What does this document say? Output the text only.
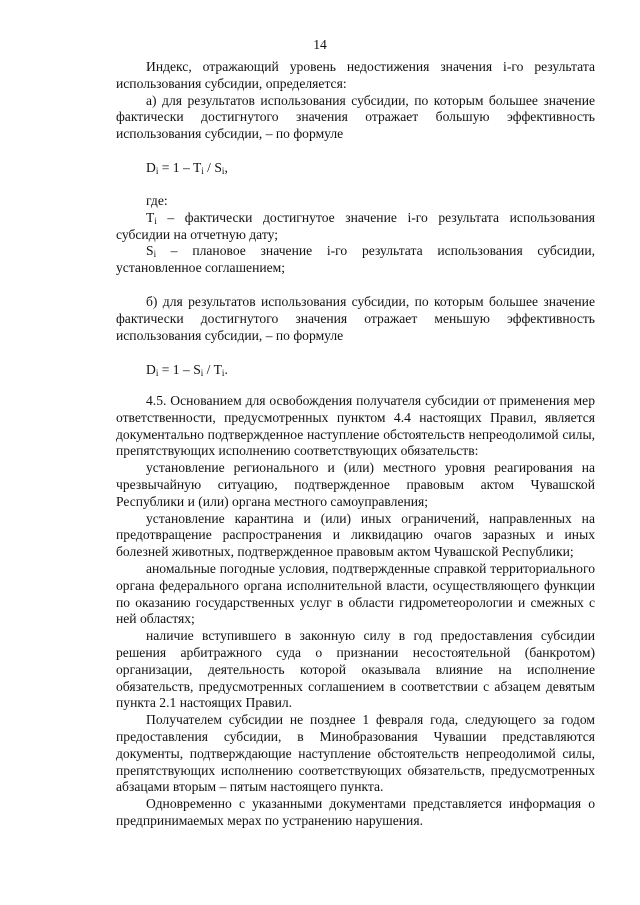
14

Индекс, отражающий уровень недостижения значения i-го результата использования субсидии, определяется:

а) для результатов использования субсидии, по которым большее значение фактически достигнутого значения отражает большую эффективность использования субсидии, – по формуле

$D_i = 1 - T_i / S_i$,

где:

$T_i$ – фактически достигнутое значение i-го результата использования субсидии на отчетную дату;

$S_i$ – плановое значение i-го результата использования субсидии, установленное соглашением;

б) для результатов использования субсидии, по которым большее значение фактически достигнутого значения отражает меньшую эффективность использования субсидии, – по формуле

$D_i = 1 - S_i / T_i$.

4.5. Основанием для освобождения получателя субсидии от применения мер ответственности, предусмотренных пунктом 4.4 настоящих Правил, является документально подтвержденное наступление обстоятельств непреодолимой силы, препятствующих исполнению соответствующих обязательств:

установление регионального и (или) местного уровня реагирования на чрезвычайную ситуацию, подтвержденное правовым актом Чувашской Республики и (или) органа местного самоуправления;

установление карантина и (или) иных ограничений, направленных на предотвращение распространения и ликвидацию очагов заразных и иных болезней животных, подтвержденное правовым актом Чувашской Республики;

аномальные погодные условия, подтвержденные справкой территориального органа федерального органа исполнительной власти, осуществляющего функции по оказанию государственных услуг в области гидрометеорологии и смежных с ней областях;

наличие вступившего в законную силу в год предоставления субсидии решения арбитражного суда о признании несостоятельной (банкротом) организации, деятельность которой оказывала влияние на исполнение обязательств, предусмотренных соглашением в соответствии с абзацем девятым пункта 2.1 настоящих Правил.

Получателем субсидии не позднее 1 февраля года, следующего за годом предоставления субсидии, в Минобразования Чувашии представляются документы, подтверждающие наступление обстоятельств непреодолимой силы, препятствующих исполнению соответствующих обязательств, предусмотренных абзацами вторым – пятым настоящего пункта.

Одновременно с указанными документами представляется информация о предпринимаемых мерах по устранению нарушения.
